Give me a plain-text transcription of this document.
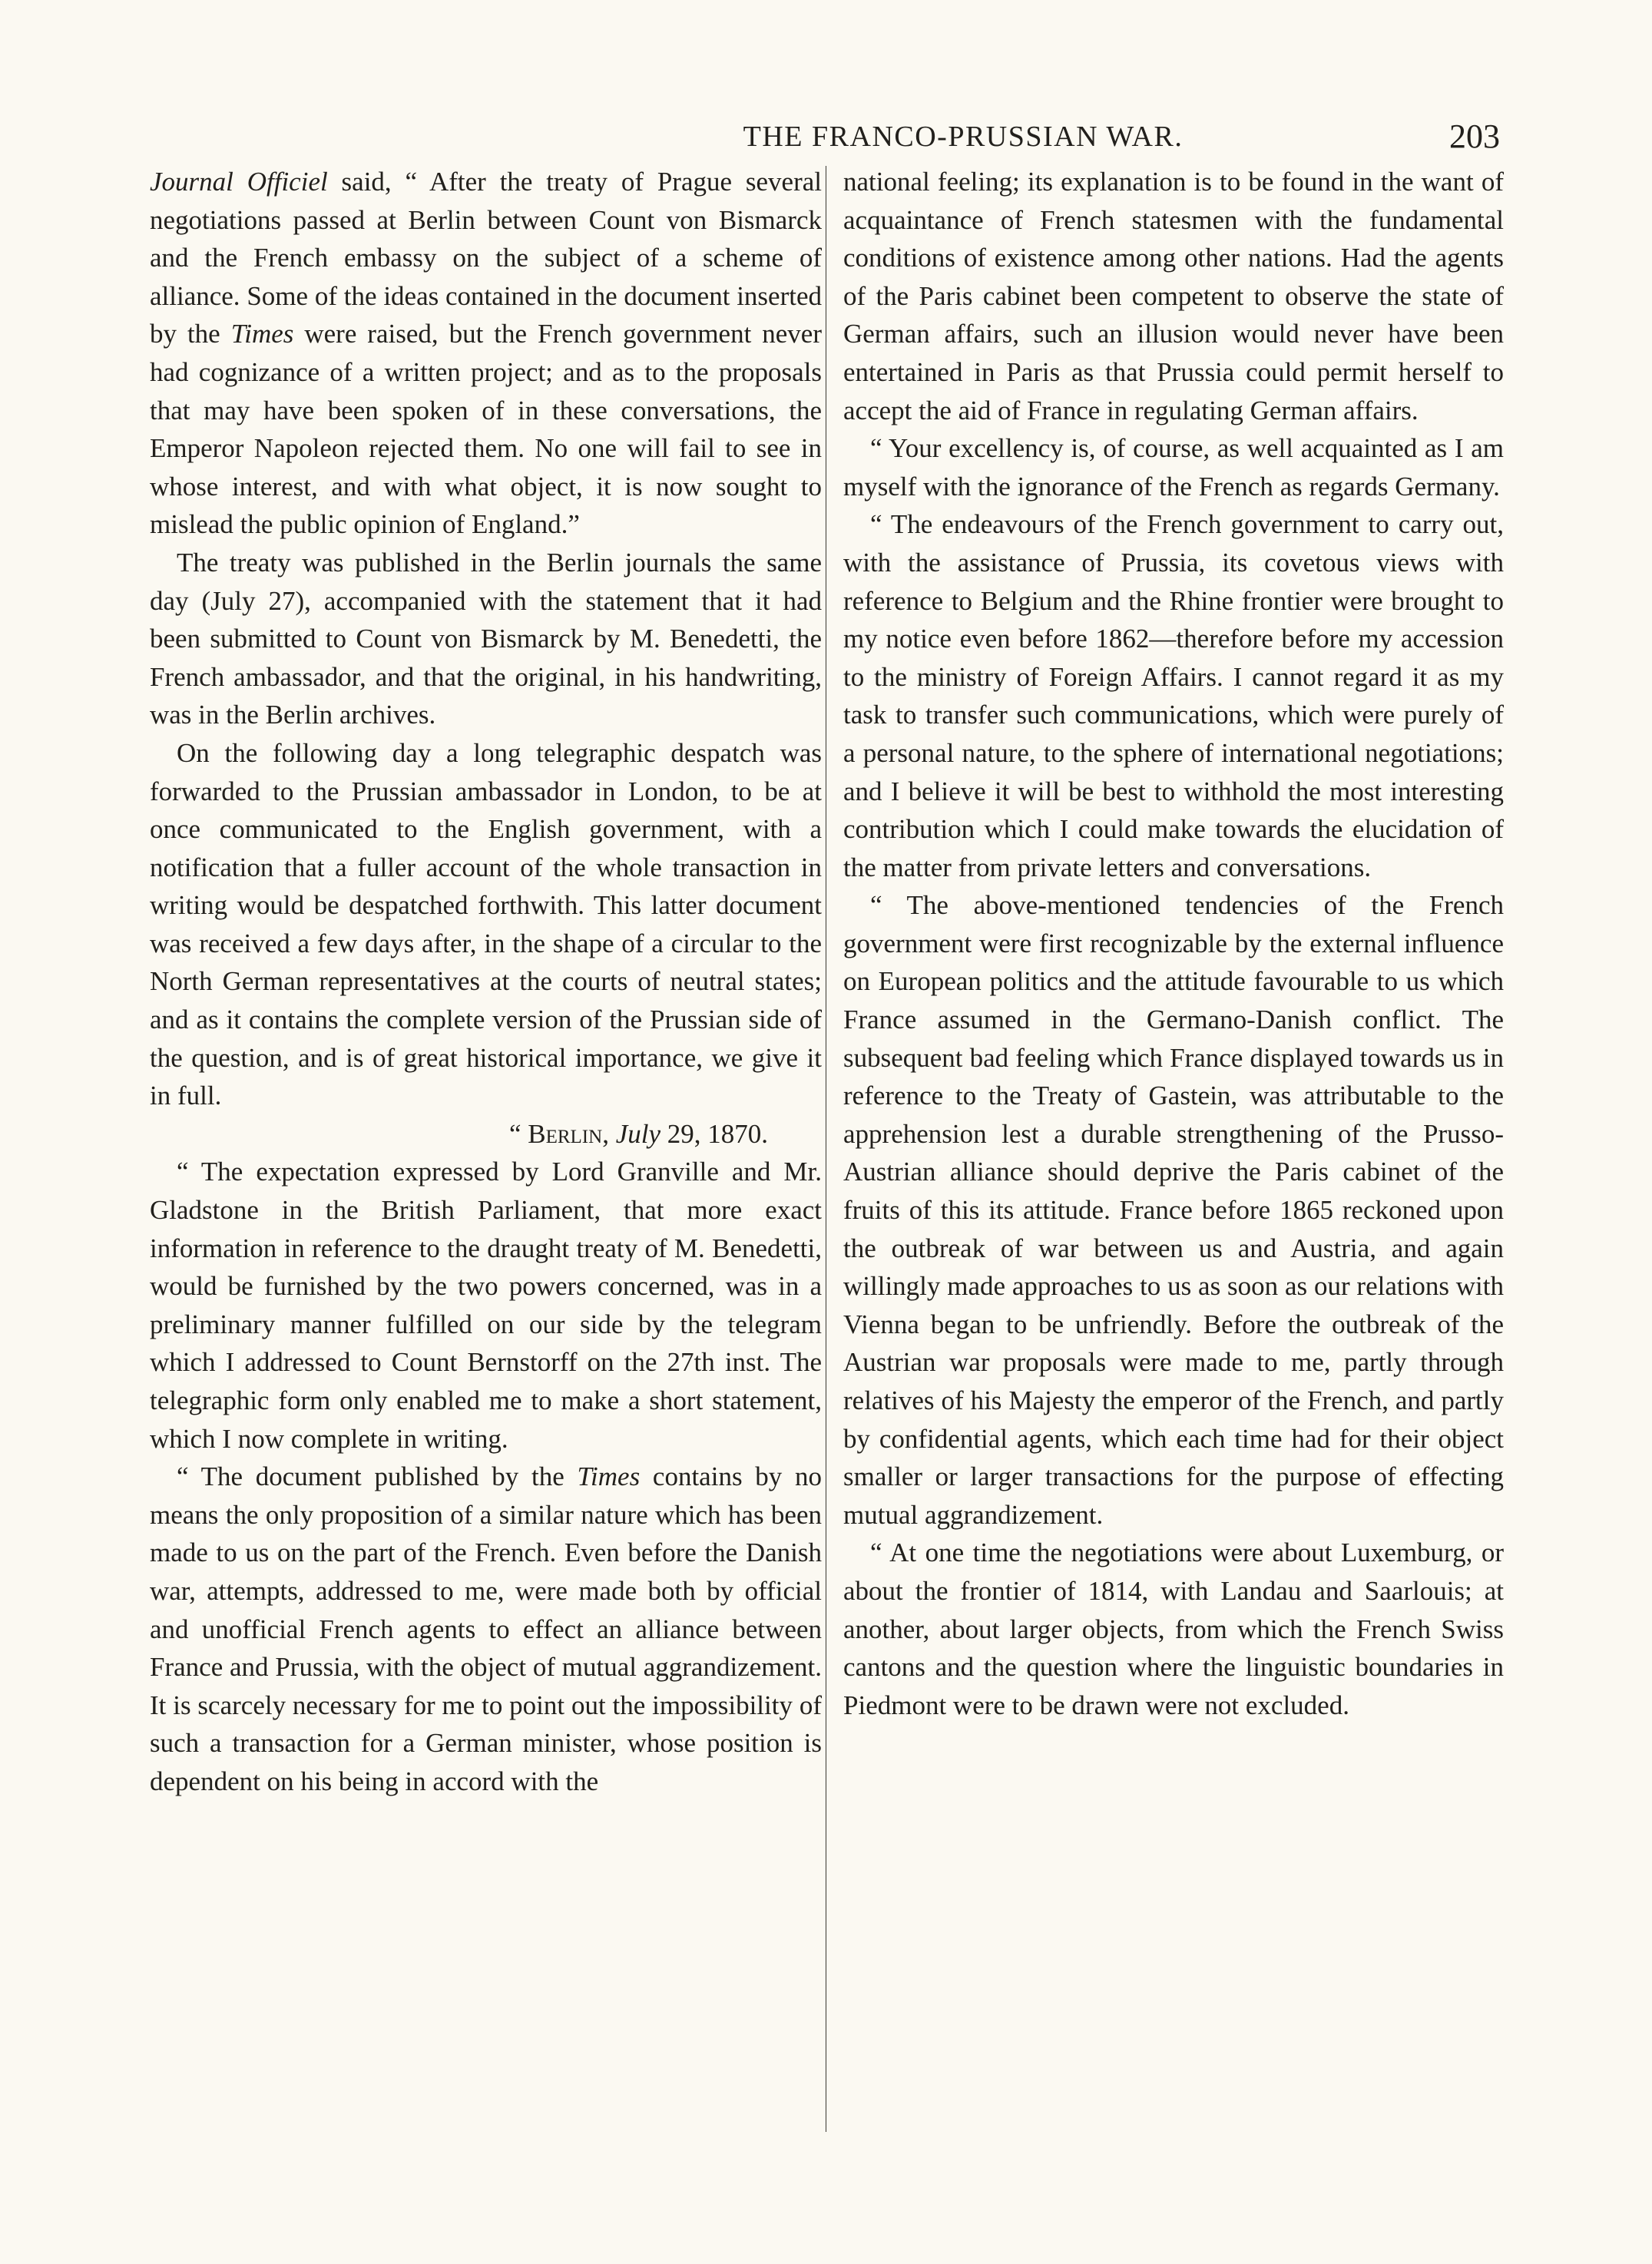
THE FRANCO-PRUSSIAN WAR.	203

Journal Officiel said, “ After the treaty of Prague several negotiations passed at Berlin between Count von Bismarck and the French embassy on the subject of a scheme of alliance. Some of the ideas contained in the document inserted by the Times were raised, but the French government never had cognizance of a written project; and as to the proposals that may have been spoken of in these conversations, the Emperor Napoleon rejected them. No one will fail to see in whose interest, and with what object, it is now sought to mislead the public opinion of England.”

The treaty was published in the Berlin journals the same day (July 27), accompanied with the statement that it had been submitted to Count von Bismarck by M. Benedetti, the French ambassador, and that the original, in his handwriting, was in the Berlin archives.

On the following day a long telegraphic despatch was forwarded to the Prussian ambassador in London, to be at once communicated to the English government, with a notification that a fuller account of the whole transaction in writing would be despatched forthwith. This latter document was received a few days after, in the shape of a circular to the North German representatives at the courts of neutral states; and as it contains the complete version of the Prussian side of the question, and is of great historical importance, we give it in full.

“ Berlin, July 29, 1870.

“ The expectation expressed by Lord Granville and Mr. Gladstone in the British Parliament, that more exact information in reference to the draught treaty of M. Benedetti, would be furnished by the two powers concerned, was in a preliminary manner fulfilled on our side by the telegram which I addressed to Count Bernstorff on the 27th inst. The telegraphic form only enabled me to make a short statement, which I now complete in writing.

“ The document published by the Times contains by no means the only proposition of a similar nature which has been made to us on the part of the French. Even before the Danish war, attempts, addressed to me, were made both by official and unofficial French agents to effect an alliance between France and Prussia, with the object of mutual aggrandizement. It is scarcely necessary for me to point out the impossibility of such a transaction for a German minister, whose position is dependent on his being in accord with the

national feeling; its explanation is to be found in the want of acquaintance of French statesmen with the fundamental conditions of existence among other nations. Had the agents of the Paris cabinet been competent to observe the state of German affairs, such an illusion would never have been entertained in Paris as that Prussia could permit herself to accept the aid of France in regulating German affairs.

“ Your excellency is, of course, as well acquainted as I am myself with the ignorance of the French as regards Germany.

“ The endeavours of the French government to carry out, with the assistance of Prussia, its covetous views with reference to Belgium and the Rhine frontier were brought to my notice even before 1862—therefore before my accession to the ministry of Foreign Affairs. I cannot regard it as my task to transfer such communications, which were purely of a personal nature, to the sphere of international negotiations; and I believe it will be best to withhold the most interesting contribution which I could make towards the elucidation of the matter from private letters and conversations.

“ The above-mentioned tendencies of the French government were first recognizable by the external influence on European politics and the attitude favourable to us which France assumed in the Germano-Danish conflict. The subsequent bad feeling which France displayed towards us in reference to the Treaty of Gastein, was attributable to the apprehension lest a durable strengthening of the Prusso-Austrian alliance should deprive the Paris cabinet of the fruits of this its attitude. France before 1865 reckoned upon the outbreak of war between us and Austria, and again willingly made approaches to us as soon as our relations with Vienna began to be unfriendly. Before the outbreak of the Austrian war proposals were made to me, partly through relatives of his Majesty the emperor of the French, and partly by confidential agents, which each time had for their object smaller or larger transactions for the purpose of effecting mutual aggrandizement.

“ At one time the negotiations were about Luxemburg, or about the frontier of 1814, with Landau and Saarlouis; at another, about larger objects, from which the French Swiss cantons and the question where the linguistic boundaries in Piedmont were to be drawn were not excluded.
